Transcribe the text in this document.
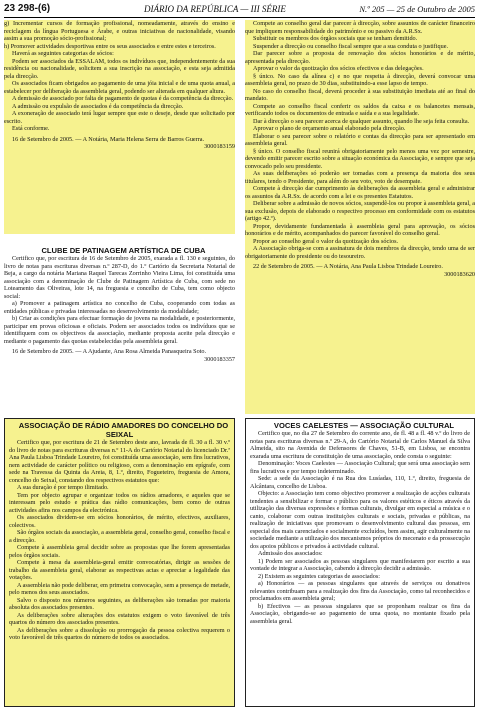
23 298-(6)	DIÁRIO DA REPÚBLICA — III SÉRIE	N.º 205 — 25 de Outubro de 2005

g) Incrementar cursos de formação profissional, nomeadamente, através do ensino e reciclagem da língua Portuguesa e Árabe, e outras iniciativas de nacionalidade, visando assim a sua promoção sócio-profissional;

h) Promover actividades desportivas entre os seus associados e entre estes e terceiros.

Haverá as seguintes categorias de sócios:

Podem ser associados da ESSALAM, todos os indivíduos que, independentemente da sua residência ou nacionalidade, solicitem a sua inscrição na associação, e esta seja admitida pela direcção.

Os associados ficam obrigados ao pagamento de uma jóia inicial e de uma quota anual, a estabelecer por deliberação da assembleia geral, podendo ser alterada em qualquer altura.

A demissão de associado por falta de pagamento de quotas é da competência da direcção.

A admissão ou expulsão de associados é da competência da direcção.

A exoneração de associado terá lugar sempre que este o deseje, desde que solicitado por escrito.

Está conforme.

16 de Setembro de 2005. — A Notária, Maria Helena Serra de Barros Guerra.

3000183159

CLUBE DE PATINAGEM ARTÍSTICA DE CUBA

Certifico que, por escritura de 16 de Setembro de 2005, exarada a fl. 130 e seguintes, do livro de notas para escrituras diversas n.º 287-D, do 1.º Cartório da Secretaria Notarial de Beja, a cargo da notária Mariana Raquel Tarecas Zorrinho Vieira Lima, foi constituída uma associação com a denominação de Clube de Patinagem Artística de Cuba, com sede no Loteamento das Oliveiras, lote 14, na freguesia e concelho de Cuba, tem como objecto social:

a) Promover a patinagem artística no concelho de Cuba, cooperando com todas as entidades públicas e privadas interessadas no desenvolvimento da modalidade;

b) Criar as condições para efectuar formação de jovens na modalidade, e posteriormente, participar em provas oficiosas e oficiais. Podem ser associados todos os indivíduos que se identifiquem com os objectivos da associação, mediante proposta aceite pela direcção e mediante o pagamento das quotas estabelecidas pela assembleia geral.

16 de Setembro de 2005. — A Ajudante, Ana Rosa Almeida Panasqueira Soto.

3000183357

ASSOCIAÇÃO DE RÁDIO AMADORES DO CONCELHO DO SEIXAL

Certifico que, por escritura de 21 de Setembro deste ano, lavrada de fl. 30 a fl. 30 v.º do livro de notas para escrituras diversas n.º 11-A do Cartório Notarial do licenciado Dr.ª Ana Paula Lisboa Trindade Loureiro, foi constituída uma associação, sem fins lucrativos, nem actividade de carácter político ou religioso, com a denominação em epígrafe, com sede na Travessa da Quinta da Areia, 8, 1.º, direito, Fogueteiro, freguesia de Amora, concelho do Seixal, constando dos respectivos estatutos que:

A sua duração é por tempo ilimitado.

Tem por objecto agrupar e organizar todos os rádios amadores, e aqueles que se interessam pelo estudo e prática das rádio comunicações, bem como de outras actividades afins nos campos da electrónica.

Os associados dividem-se em sócios honorários, de mérito, efectivos, auxiliares, colectivos.

São órgãos sociais da associação, a assembleia geral, conselho geral, conselho fiscal e a direcção.

Compete à assembleia geral decidir sobre as propostas que lhe forem apresentadas pelos órgãos sociais.

Compete à mesa da assembleia-geral emitir convocatórias, dirigir as sessões de trabalho da assembleia geral, elaborar as respectivas actas e apreciar a legalidade das votações.

A assembleia não pode deliberar, em primeira convocação, sem a presença de metade, pelo menos dos seus associados.

Salvo o disposto nos números seguintes, as deliberações são tomadas por maioria absoluta dos associados presentes.

As deliberações sobre alterações dos estatutos exigem o voto favorável de três quartos do número dos associados presentes.

As deliberações sobre a dissolução ou prorrogação da pessoa colectiva requerem o voto favorável de três quartos do número de todos os associados.

Compete ao conselho geral dar parecer à direcção, sobre assuntos de carácter financeiro que impliquem responsabilidade do património e ou passivo da A.R.Sx.

Substituir os membros dos órgãos sociais que se tenham demitido.

Suspender a direcção ou conselho fiscal sempre que a sua conduta o justifique.

Dar parecer sobre a proposta de renovação dos sócios honorários e de mérito, apresentada pela direcção.

Aprovar o valor da quotização dos sócios efectivos e das delegações.

§ único. No caso da alínea c) e no que respeita à direcção, deverá convocar uma assembleia geral, no prazo de 30 dias, substituindo-a esse lapso de tempo.

No caso do conselho fiscal, deverá proceder à sua substituição imediata até ao final do mandato.

Compete ao conselho fiscal conferir os saldos da caixa e os balancetes mensais, verificando todos os documentos de entrada e saída e a sua legalidade.

Dar à direcção o seu parecer acerca de qualquer assunto, quando lhe seja feita consulta.

Aprovar o plano de orçamento anual elaborado pela direcção.

Elaborar o seu parecer sobre o relatório e contas da direcção para ser apresentado em assembleia geral.

§ único. O conselho fiscal reunirá obrigatoriamente pelo menos uma vez por semestre, devendo emitir parecer escrito sobre a situação económica da Associação, e sempre que seja convocado pelo seu presidente.

As suas deliberações só poderão ser tomadas com a presença da maioria dos seus titulares, tendo o Presidente, para além do seu voto, voto de desempate.

Compete à direcção dar cumprimento às deliberações da assembleia geral e administrar os assuntos da A.R.Sx. de acordo com a lei e os presentes Estatutos.

Deliberar sobre a admissão de novos sócios, suspendê-los ou propor à assembleia geral, a sua exclusão, depois de elaborado o respectivo processo em conformidade com os estatutos (artigo 42.º).

Propor, devidamente fundamentada à assembleia geral para aprovação, os sócios honorários e de mérito, acompanhados do parecer favorável do conselho geral.

Propor ao conselho geral o valor da quotização dos sócios.

A Associação obriga-se com a assinatura de dois membros da direcção, tendo uma de ser obrigatoriamente do presidente ou do tesoureiro.

22 de Setembro de 2005. — A Notária, Ana Paula Lisboa Trindade Loureiro.

3000183620

VOCES CAELESTES — ASSOCIAÇÃO CULTURAL

Certifico que, no dia 27 de Setembro do corrente ano, de fl. 48 a fl. 48 v.º do livro de notas para escrituras diversas n.º 29-A, do Cartório Notarial de Carlos Manuel da Silva Almeida, sito na Avenida de Defensores de Chaves, 51-B, em Lisboa, se encontra exarada uma escritura de constituição de uma associação, onde consta o seguinte:

Denominação: Voces Caelestes — Associação Cultural; que será uma associação sem fins lucrativos e por tempo indeterminado.

Sede: a sede da Associação é na Rua dos Lusíadas, 110, 1.º, direito, freguesia de Alcântara, concelho de Lisboa.

Objecto: a Associação tem como objectivo promover a realização de acções culturais tendentes a sensibilizar e formar o público para os valores estéticos e éticos através da utilização das diversas expressões e formas culturais, divulgar em especial a música e o canto, colaborar com outras instituições culturais e sociais, privadas e públicas, na realização de iniciativas que promovam o desenvolvimento cultural das pessoas, em especial dos mais carenciados e socialmente excluídos, bem assim, agir culturalmente na sociedade mediante a utilização dos mecanismos próprios do mecenato e da prossecução dos apoios públicos e privados à actividade cultural.

Admissão dos associados:

1) Podem ser associados as pessoas singulares que manifestarem por escrito a sua vontade de integrar a Associação, cabendo à direcção decidir a admissão.

2) Existem as seguintes categorias de associados:

a) Honorários — as pessoas singulares que através de serviços ou donativos relevantes contribuam para a realização dos fins da Associação, como tal reconhecidos e proclamados em assembleia geral;

b) Efectivos — as pessoas singulares que se proponham realizar os fins da Associação, obrigando-se ao pagamento de uma quota, no montante fixado pela assembleia geral.
